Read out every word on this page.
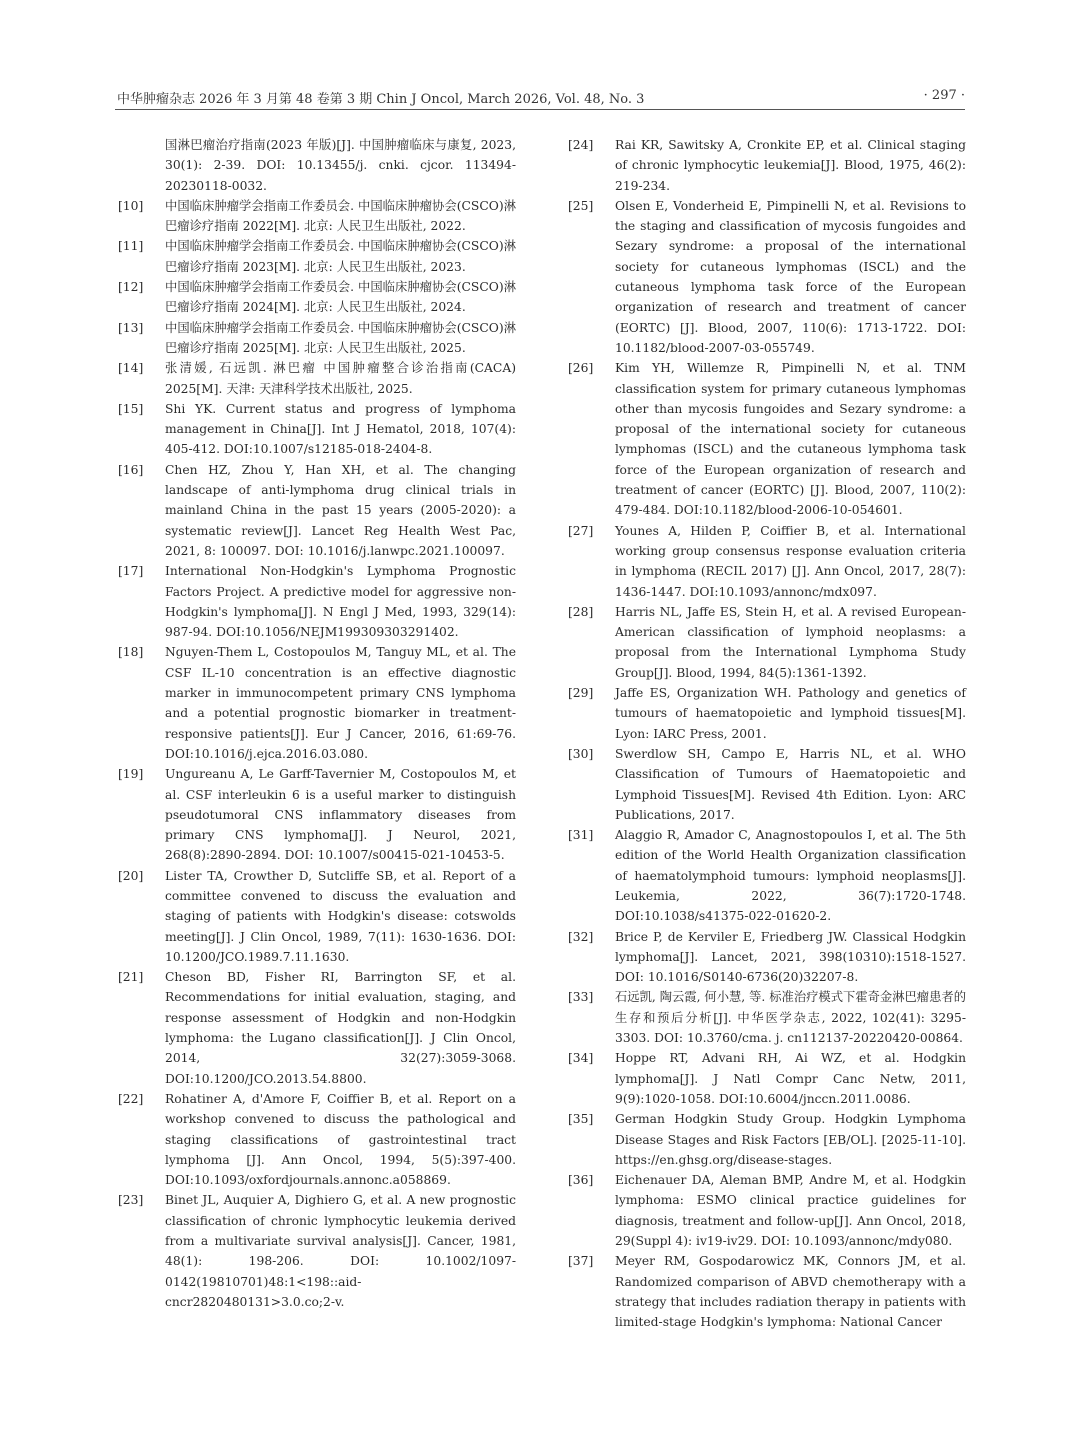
中华肿瘤杂志 2026 年 3 月第 48 卷第 3 期 Chin J Oncol, March 2026, Vol. 48, No. 3	· 297 ·
国淋巴瘤治疗指南(2023 年版)[J]. 中国肿瘤临床与康复, 2023, 30(1): 2-39. DOI: 10.13455/j. cnki. cjcor. 113494-20230118-0032.
[10]	中国临床肿瘤学会指南工作委员会. 中国临床肿瘤协会(CSCO)淋巴瘤诊疗指南 2022[M]. 北京: 人民卫生出版社, 2022.
[11]	中国临床肿瘤学会指南工作委员会. 中国临床肿瘤协会(CSCO)淋巴瘤诊疗指南 2023[M]. 北京: 人民卫生出版社, 2023.
[12]	中国临床肿瘤学会指南工作委员会. 中国临床肿瘤协会(CSCO)淋巴瘤诊疗指南 2024[M]. 北京: 人民卫生出版社, 2024.
[13]	中国临床肿瘤学会指南工作委员会. 中国临床肿瘤协会(CSCO)淋巴瘤诊疗指南 2025[M]. 北京: 人民卫生出版社, 2025.
[14]	张清媛, 石远凯. 淋巴瘤 中国肿瘤整合诊治指南(CACA) 2025[M]. 天津: 天津科学技术出版社, 2025.
[15]	Shi YK. Current status and progress of lymphoma management in China[J]. Int J Hematol, 2018, 107(4): 405-412. DOI:10.1007/s12185-018-2404-8.
[16]	Chen HZ, Zhou Y, Han XH, et al. The changing landscape of anti-lymphoma drug clinical trials in mainland China in the past 15 years (2005-2020): a systematic review[J]. Lancet Reg Health West Pac, 2021, 8: 100097. DOI: 10.1016/j.lanwpc.2021.100097.
[17]	International Non-Hodgkin's Lymphoma Prognostic Factors Project. A predictive model for aggressive non-Hodgkin's lymphoma[J]. N Engl J Med, 1993, 329(14): 987-94. DOI:10.1056/NEJM199309303291402.
[18]	Nguyen-Them L, Costopoulos M, Tanguy ML, et al. The CSF IL-10 concentration is an effective diagnostic marker in immunocompetent primary CNS lymphoma and a potential prognostic biomarker in treatment-responsive patients[J]. Eur J Cancer, 2016, 61:69-76. DOI:10.1016/j.ejca.2016.03.080.
[19]	Ungureanu A, Le Garff-Tavernier M, Costopoulos M, et al. CSF interleukin 6 is a useful marker to distinguish pseudotumoral CNS inflammatory diseases from primary CNS lymphoma[J]. J Neurol, 2021, 268(8):2890-2894. DOI: 10.1007/s00415-021-10453-5.
[20]	Lister TA, Crowther D, Sutcliffe SB, et al. Report of a committee convened to discuss the evaluation and staging of patients with Hodgkin's disease: cotswolds meeting[J]. J Clin Oncol, 1989, 7(11): 1630-1636. DOI: 10.1200/JCO.1989.7.11.1630.
[21]	Cheson BD, Fisher RI, Barrington SF, et al. Recommendations for initial evaluation, staging, and response assessment of Hodgkin and non-Hodgkin lymphoma: the Lugano classification[J]. J Clin Oncol, 2014, 32(27):3059-3068. DOI:10.1200/JCO.2013.54.8800.
[22]	Rohatiner A, d'Amore F, Coiffier B, et al. Report on a workshop convened to discuss the pathological and staging classifications of gastrointestinal tract lymphoma [J]. Ann Oncol, 1994, 5(5):397-400. DOI:10.1093/oxfordjournals.annonc.a058869.
[23]	Binet JL, Auquier A, Dighiero G, et al. A new prognostic classification of chronic lymphocytic leukemia derived from a multivariate survival analysis[J]. Cancer, 1981, 48(1): 198-206. DOI: 10.1002/1097-0142(19810701)48:1<198::aid-cncr2820480131>3.0.co;2-v.
[24]	Rai KR, Sawitsky A, Cronkite EP, et al. Clinical staging of chronic lymphocytic leukemia[J]. Blood, 1975, 46(2): 219-234.
[25]	Olsen E, Vonderheid E, Pimpinelli N, et al. Revisions to the staging and classification of mycosis fungoides and Sezary syndrome: a proposal of the international society for cutaneous lymphomas (ISCL) and the cutaneous lymphoma task force of the European organization of research and treatment of cancer (EORTC) [J]. Blood, 2007, 110(6): 1713-1722. DOI: 10.1182/blood-2007-03-055749.
[26]	Kim YH, Willemze R, Pimpinelli N, et al. TNM classification system for primary cutaneous lymphomas other than mycosis fungoides and Sezary syndrome: a proposal of the international society for cutaneous lymphomas (ISCL) and the cutaneous lymphoma task force of the European organization of research and treatment of cancer (EORTC) [J]. Blood, 2007, 110(2): 479-484. DOI:10.1182/blood-2006-10-054601.
[27]	Younes A, Hilden P, Coiffier B, et al. International working group consensus response evaluation criteria in lymphoma (RECIL 2017) [J]. Ann Oncol, 2017, 28(7): 1436-1447. DOI:10.1093/annonc/mdx097.
[28]	Harris NL, Jaffe ES, Stein H, et al. A revised European-American classification of lymphoid neoplasms: a proposal from the International Lymphoma Study Group[J]. Blood, 1994, 84(5):1361-1392.
[29]	Jaffe ES, Organization WH. Pathology and genetics of tumours of haematopoietic and lymphoid tissues[M]. Lyon: IARC Press, 2001.
[30]	Swerdlow SH, Campo E, Harris NL, et al. WHO Classification of Tumours of Haematopoietic and Lymphoid Tissues[M]. Revised 4th Edition. Lyon: ARC Publications, 2017.
[31]	Alaggio R, Amador C, Anagnostopoulos I, et al. The 5th edition of the World Health Organization classification of haematolymphoid tumours: lymphoid neoplasms[J]. Leukemia, 2022, 36(7):1720-1748. DOI:10.1038/s41375-022-01620-2.
[32]	Brice P, de Kerviler E, Friedberg JW. Classical Hodgkin lymphoma[J]. Lancet, 2021, 398(10310):1518-1527. DOI: 10.1016/S0140-6736(20)32207-8.
[33]	石远凯, 陶云霞, 何小慧, 等. 标准治疗模式下霍奇金淋巴瘤患者的生存和预后分析[J]. 中华医学杂志, 2022, 102(41): 3295-3303. DOI: 10.3760/cma. j. cn112137-20220420-00864.
[34]	Hoppe RT, Advani RH, Ai WZ, et al. Hodgkin lymphoma[J]. J Natl Compr Canc Netw, 2011, 9(9):1020-1058. DOI:10.6004/jnccn.2011.0086.
[35]	German Hodgkin Study Group. Hodgkin Lymphoma Disease Stages and Risk Factors [EB/OL]. [2025-11-10]. https://en.ghsg.org/disease-stages.
[36]	Eichenauer DA, Aleman BMP, Andre M, et al. Hodgkin lymphoma: ESMO clinical practice guidelines for diagnosis, treatment and follow-up[J]. Ann Oncol, 2018, 29(Suppl 4): iv19-iv29. DOI: 10.1093/annonc/mdy080.
[37]	Meyer RM, Gospodarowicz MK, Connors JM, et al. Randomized comparison of ABVD chemotherapy with a strategy that includes radiation therapy in patients with limited-stage Hodgkin's lymphoma: National Cancer
